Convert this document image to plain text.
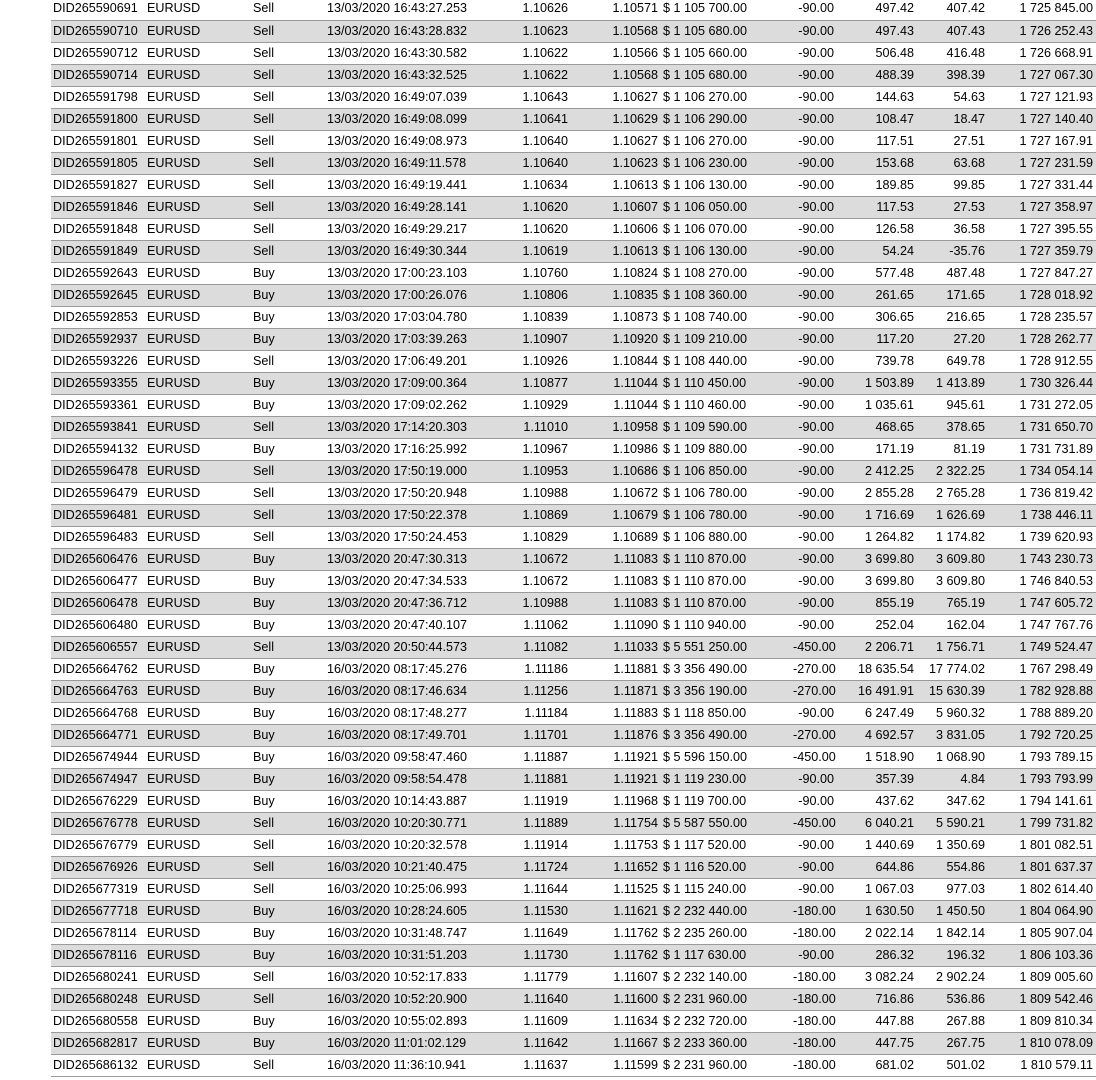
	DID265590691	EURUSD	Sell	13/03/2020 16:43:27.253	1.10626	1.10571	$ 1 105 700.00	-90.00	497.42	407.42		1 725 845.00
	DID265590710	EURUSD	Sell	13/03/2020 16:43:28.832	1.10623	1.10568	$ 1 105 680.00	-90.00	497.43	407.43		1 726 252.43
	DID265590712	EURUSD	Sell	13/03/2020 16:43:30.582	1.10622	1.10566	$ 1 105 660.00	-90.00	506.48	416.48		1 726 668.91
	DID265590714	EURUSD	Sell	13/03/2020 16:43:32.525	1.10622	1.10568	$ 1 105 680.00	-90.00	488.39	398.39		1 727 067.30
	DID265591798	EURUSD	Sell	13/03/2020 16:49:07.039	1.10643	1.10627	$ 1 106 270.00	-90.00	144.63	54.63		1 727 121.93
	DID265591800	EURUSD	Sell	13/03/2020 16:49:08.099	1.10641	1.10629	$ 1 106 290.00	-90.00	108.47	18.47		1 727 140.40
	DID265591801	EURUSD	Sell	13/03/2020 16:49:08.973	1.10640	1.10627	$ 1 106 270.00	-90.00	117.51	27.51		1 727 167.91
	DID265591805	EURUSD	Sell	13/03/2020 16:49:11.578	1.10640	1.10623	$ 1 106 230.00	-90.00	153.68	63.68		1 727 231.59
	DID265591827	EURUSD	Sell	13/03/2020 16:49:19.441	1.10634	1.10613	$ 1 106 130.00	-90.00	189.85	99.85		1 727 331.44
	DID265591846	EURUSD	Sell	13/03/2020 16:49:28.141	1.10620	1.10607	$ 1 106 050.00	-90.00	117.53	27.53		1 727 358.97
	DID265591848	EURUSD	Sell	13/03/2020 16:49:29.217	1.10620	1.10606	$ 1 106 070.00	-90.00	126.58	36.58		1 727 395.55
	DID265591849	EURUSD	Sell	13/03/2020 16:49:30.344	1.10619	1.10613	$ 1 106 130.00	-90.00	54.24	-35.76		1 727 359.79
	DID265592643	EURUSD	Buy	13/03/2020 17:00:23.103	1.10760	1.10824	$ 1 108 270.00	-90.00	577.48	487.48		1 727 847.27
	DID265592645	EURUSD	Buy	13/03/2020 17:00:26.076	1.10806	1.10835	$ 1 108 360.00	-90.00	261.65	171.65		1 728 018.92
	DID265592853	EURUSD	Buy	13/03/2020 17:03:04.780	1.10839	1.10873	$ 1 108 740.00	-90.00	306.65	216.65		1 728 235.57
	DID265592937	EURUSD	Buy	13/03/2020 17:03:39.263	1.10907	1.10920	$ 1 109 210.00	-90.00	117.20	27.20		1 728 262.77
	DID265593226	EURUSD	Sell	13/03/2020 17:06:49.201	1.10926	1.10844	$ 1 108 440.00	-90.00	739.78	649.78		1 728 912.55
	DID265593355	EURUSD	Buy	13/03/2020 17:09:00.364	1.10877	1.11044	$ 1 110 450.00	-90.00	1 503.89	1 413.89		1 730 326.44
	DID265593361	EURUSD	Buy	13/03/2020 17:09:02.262	1.10929	1.11044	$ 1 110 460.00	-90.00	1 035.61	945.61		1 731 272.05
	DID265593841	EURUSD	Sell	13/03/2020 17:14:20.303	1.11010	1.10958	$ 1 109 590.00	-90.00	468.65	378.65		1 731 650.70
	DID265594132	EURUSD	Buy	13/03/2020 17:16:25.992	1.10967	1.10986	$ 1 109 880.00	-90.00	171.19	81.19		1 731 731.89
	DID265596478	EURUSD	Sell	13/03/2020 17:50:19.000	1.10953	1.10686	$ 1 106 850.00	-90.00	2 412.25	2 322.25		1 734 054.14
	DID265596479	EURUSD	Sell	13/03/2020 17:50:20.948	1.10988	1.10672	$ 1 106 780.00	-90.00	2 855.28	2 765.28		1 736 819.42
	DID265596481	EURUSD	Sell	13/03/2020 17:50:22.378	1.10869	1.10679	$ 1 106 780.00	-90.00	1 716.69	1 626.69		1 738 446.11
	DID265596483	EURUSD	Sell	13/03/2020 17:50:24.453	1.10829	1.10689	$ 1 106 880.00	-90.00	1 264.82	1 174.82		1 739 620.93
	DID265606476	EURUSD	Buy	13/03/2020 20:47:30.313	1.10672	1.11083	$ 1 110 870.00	-90.00	3 699.80	3 609.80		1 743 230.73
	DID265606477	EURUSD	Buy	13/03/2020 20:47:34.533	1.10672	1.11083	$ 1 110 870.00	-90.00	3 699.80	3 609.80		1 746 840.53
	DID265606478	EURUSD	Buy	13/03/2020 20:47:36.712	1.10988	1.11083	$ 1 110 870.00	-90.00	855.19	765.19		1 747 605.72
	DID265606480	EURUSD	Buy	13/03/2020 20:47:40.107	1.11062	1.11090	$ 1 110 940.00	-90.00	252.04	162.04		1 747 767.76
	DID265606557	EURUSD	Sell	13/03/2020 20:50:44.573	1.11082	1.11033	$ 5 551 250.00	-450.00	2 206.71	1 756.71		1 749 524.47
	DID265664762	EURUSD	Buy	16/03/2020 08:17:45.276	1.11186	1.11881	$ 3 356 490.00	-270.00	18 635.54	17 774.02		1 767 298.49
	DID265664763	EURUSD	Buy	16/03/2020 08:17:46.634	1.11256	1.11871	$ 3 356 190.00	-270.00	16 491.91	15 630.39		1 782 928.88
	DID265664768	EURUSD	Buy	16/03/2020 08:17:48.277	1.11184	1.11883	$ 1 118 850.00	-90.00	6 247.49	5 960.32		1 788 889.20
	DID265664771	EURUSD	Buy	16/03/2020 08:17:49.701	1.11701	1.11876	$ 3 356 490.00	-270.00	4 692.57	3 831.05		1 792 720.25
	DID265674944	EURUSD	Buy	16/03/2020 09:58:47.460	1.11887	1.11921	$ 5 596 150.00	-450.00	1 518.90	1 068.90		1 793 789.15
	DID265674947	EURUSD	Buy	16/03/2020 09:58:54.478	1.11881	1.11921	$ 1 119 230.00	-90.00	357.39	4.84		1 793 793.99
	DID265676229	EURUSD	Buy	16/03/2020 10:14:43.887	1.11919	1.11968	$ 1 119 700.00	-90.00	437.62	347.62		1 794 141.61
	DID265676778	EURUSD	Sell	16/03/2020 10:20:30.771	1.11889	1.11754	$ 5 587 550.00	-450.00	6 040.21	5 590.21		1 799 731.82
	DID265676779	EURUSD	Sell	16/03/2020 10:20:32.578	1.11914	1.11753	$ 1 117 520.00	-90.00	1 440.69	1 350.69		1 801 082.51
	DID265676926	EURUSD	Sell	16/03/2020 10:21:40.475	1.11724	1.11652	$ 1 116 520.00	-90.00	644.86	554.86		1 801 637.37
	DID265677319	EURUSD	Sell	16/03/2020 10:25:06.993	1.11644	1.11525	$ 1 115 240.00	-90.00	1 067.03	977.03		1 802 614.40
	DID265677718	EURUSD	Buy	16/03/2020 10:28:24.605	1.11530	1.11621	$ 2 232 440.00	-180.00	1 630.50	1 450.50		1 804 064.90
	DID265678114	EURUSD	Buy	16/03/2020 10:31:48.747	1.11649	1.11762	$ 2 235 260.00	-180.00	2 022.14	1 842.14		1 805 907.04
	DID265678116	EURUSD	Buy	16/03/2020 10:31:51.203	1.11730	1.11762	$ 1 117 630.00	-90.00	286.32	196.32		1 806 103.36
	DID265680241	EURUSD	Sell	16/03/2020 10:52:17.833	1.11779	1.11607	$ 2 232 140.00	-180.00	3 082.24	2 902.24		1 809 005.60
	DID265680248	EURUSD	Sell	16/03/2020 10:52:20.900	1.11640	1.11600	$ 2 231 960.00	-180.00	716.86	536.86		1 809 542.46
	DID265680558	EURUSD	Buy	16/03/2020 10:55:02.893	1.11609	1.11634	$ 2 232 720.00	-180.00	447.88	267.88		1 809 810.34
	DID265682817	EURUSD	Buy	16/03/2020 11:01:02.129	1.11642	1.11667	$ 2 233 360.00	-180.00	447.75	267.75		1 810 078.09
	DID265686132	EURUSD	Sell	16/03/2020 11:36:10.941	1.11637	1.11599	$ 2 231 960.00	-180.00	681.02	501.02		1 810 579.11
